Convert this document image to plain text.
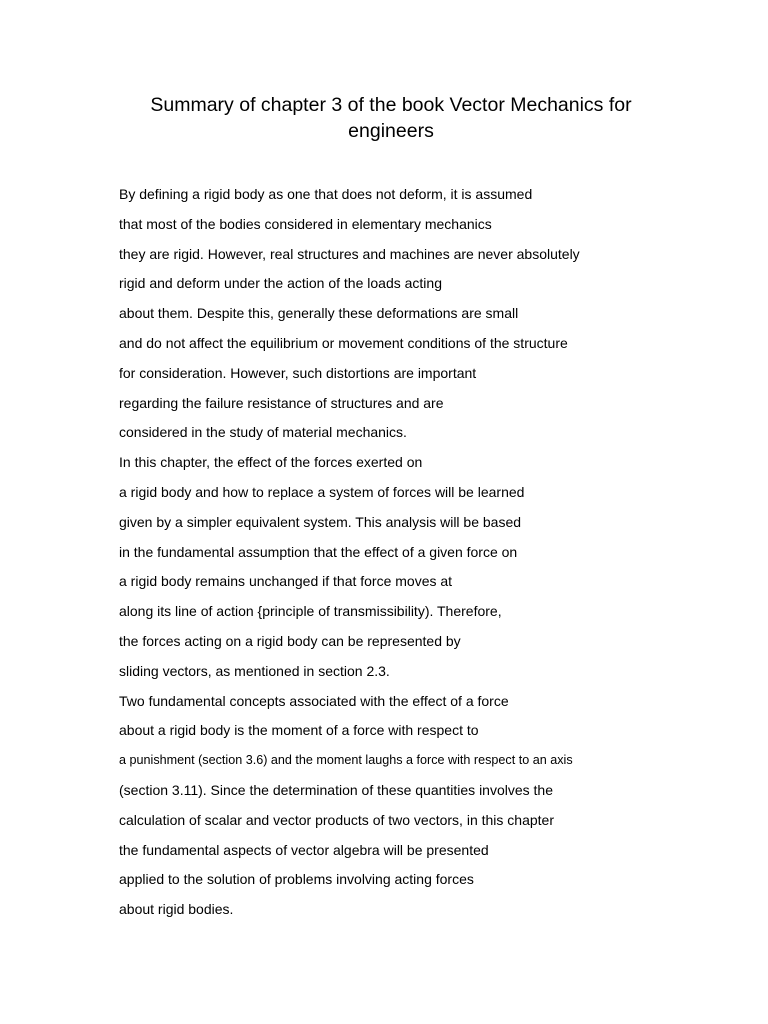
Summary of chapter 3 of the book Vector Mechanics for engineers
By defining a rigid body as one that does not deform, it is assumed
that most of the bodies considered in elementary mechanics
they are rigid. However, real structures and machines are never absolutely
rigid and deform under the action of the loads acting
about them. Despite this, generally these deformations are small
and do not affect the equilibrium or movement conditions of the structure
for consideration. However, such distortions are important
regarding the failure resistance of structures and are
considered in the study of material mechanics.
In this chapter, the effect of the forces exerted on
a rigid body and how to replace a system of forces will be learned
given by a simpler equivalent system. This analysis will be based
in the fundamental assumption that the effect of a given force on
a rigid body remains unchanged if that force moves at
along its line of action {principle of transmissibility). Therefore,
the forces acting on a rigid body can be represented by
sliding vectors, as mentioned in section 2.3.
Two fundamental concepts associated with the effect of a force
about a rigid body is the moment of a force with respect to
a punishment (section 3.6) and the moment laughs a force with respect to an axis
(section 3.11). Since the determination of these quantities involves the
calculation of scalar and vector products of two vectors, in this chapter
the fundamental aspects of vector algebra will be presented
applied to the solution of problems involving acting forces
about rigid bodies.
